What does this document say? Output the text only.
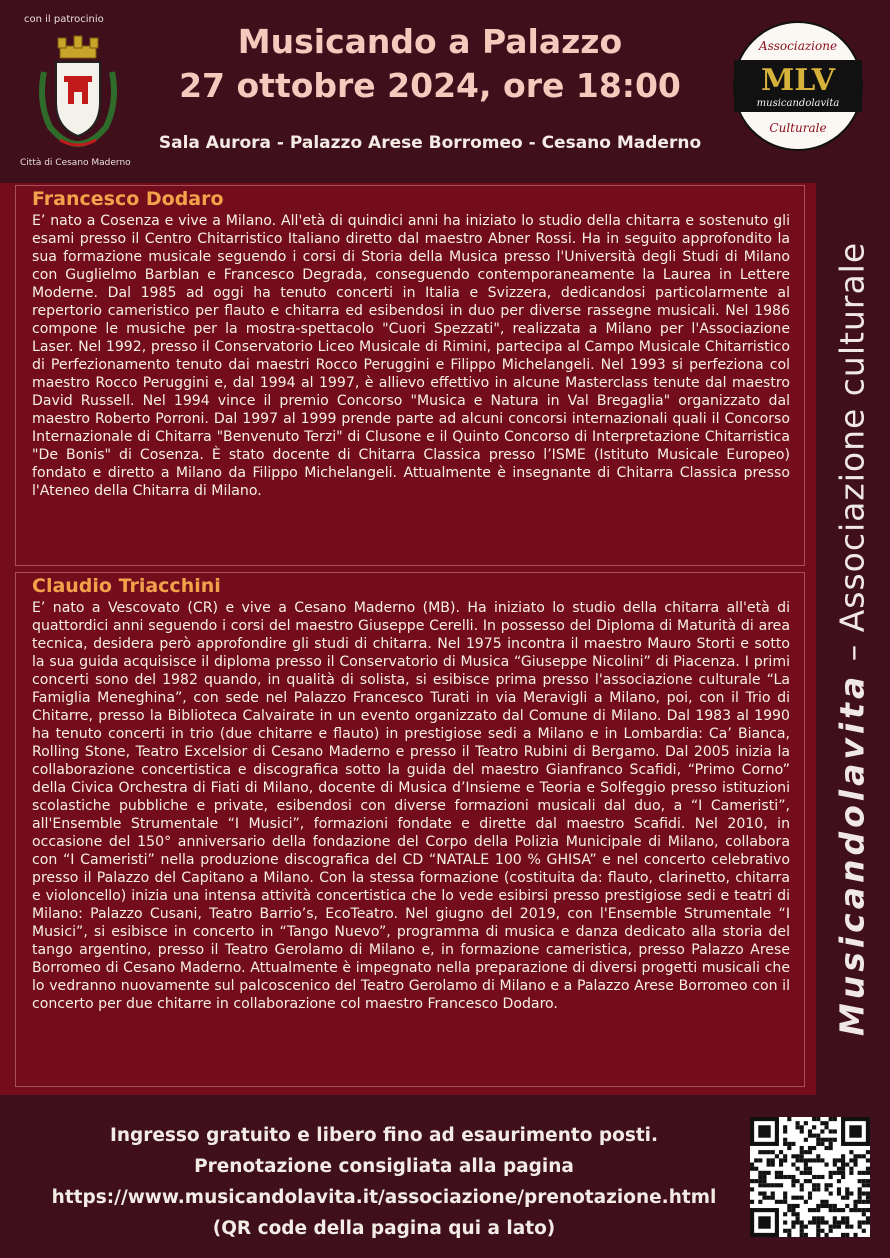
con il patrocinio
Città di Cesano Maderno
Musicando a Palazzo
27 ottobre 2024, ore 18:00
Sala Aurora - Palazzo Arese Borromeo - Cesano Maderno
Associazione
MLV
musicandolavita
Culturale
Musicandolavita – Associazione culturale
Francesco Dodaro

E’ nato a Cosenza e vive a Milano. All'età di quindici anni ha iniziato lo studio della chitarra e sostenuto gli esami presso il Centro Chitarristico Italiano diretto dal maestro Abner Rossi. Ha in seguito approfondito la sua formazione musicale seguendo i corsi di Storia della Musica presso l'Università degli Studi di Milano con Guglielmo Barblan e Francesco Degrada, conseguendo contemporaneamente la Laurea in Lettere Moderne. Dal 1985 ad oggi ha tenuto concerti in Italia e Svizzera, dedicandosi particolarmente al repertorio cameristico per flauto e chitarra ed esibendosi in duo per diverse rassegne musicali. Nel 1986 compone le musiche per la mostra-spettacolo "Cuori Spezzati", realizzata a Milano per l'Associazione Laser. Nel 1992, presso il Conservatorio Liceo Musicale di Rimini, partecipa al Campo Musicale Chitarristico di Perfezionamento tenuto dai maestri Rocco Peruggini e Filippo Michelangeli. Nel 1993 si perfeziona col maestro Rocco Peruggini e, dal 1994 al 1997, è allievo effettivo in alcune Masterclass tenute dal maestro David Russell. Nel 1994 vince il premio Concorso "Musica e Natura in Val Bregaglia" organizzato dal maestro Roberto Porroni. Dal 1997 al 1999 prende parte ad alcuni concorsi internazionali quali il Concorso Internazionale di Chitarra "Benvenuto Terzi" di Clusone e il Quinto Concorso di Interpretazione Chitarristica "De Bonis" di Cosenza. È stato docente di Chitarra Classica presso l’ISME (Istituto Musicale Europeo) fondato e diretto a Milano da Filippo Michelangeli. Attualmente è insegnante di Chitarra Classica presso l'Ateneo della Chitarra di Milano.

Claudio Triacchini

E’ nato a Vescovato (CR) e vive a Cesano Maderno (MB). Ha iniziato lo studio della chitarra all'età di quattordici anni seguendo i corsi del maestro Giuseppe Cerelli. In possesso del Diploma di Maturità di area tecnica, desidera però approfondire gli studi di chitarra. Nel 1975 incontra il maestro Mauro Storti e sotto la sua guida acquisisce il diploma presso il Conservatorio di Musica “Giuseppe Nicolini” di Piacenza. I primi concerti sono del 1982 quando, in qualità di solista, si esibisce prima presso l'associazione culturale “La Famiglia Meneghina”, con sede nel Palazzo Francesco Turati in via Meravigli a Milano, poi, con il Trio di Chitarre, presso la Biblioteca Calvairate in un evento organizzato dal Comune di Milano. Dal 1983 al 1990 ha tenuto concerti in trio (due chitarre e flauto) in prestigiose sedi a Milano e in Lombardia: Ca’ Bianca, Rolling Stone, Teatro Excelsior di Cesano Maderno e presso il Teatro Rubini di Bergamo. Dal 2005 inizia la collaborazione concertistica e discografica sotto la guida del maestro Gianfranco Scafidi, “Primo Corno” della Civica Orchestra di Fiati di Milano, docente di Musica d’Insieme e Teoria e Solfeggio presso istituzioni scolastiche pubbliche e private, esibendosi con diverse formazioni musicali dal duo, a “I Cameristi”, all'Ensemble Strumentale “I Musici”, formazioni fondate e dirette dal maestro Scafidi. Nel 2010, in occasione del 150° anniversario della fondazione del Corpo della Polizia Municipale di Milano, collabora con “I Cameristi” nella produzione discografica del CD “NATALE 100 % GHISA” e nel concerto celebrativo presso il Palazzo del Capitano a Milano. Con la stessa formazione (costituita da: flauto, clarinetto, chitarra e violoncello) inizia una intensa attività concertistica che lo vede esibirsi presso prestigiose sedi e teatri di Milano: Palazzo Cusani, Teatro Barrio’s, EcoTeatro. Nel giugno del 2019, con l'Ensemble Strumentale “I Musici”, si esibisce in concerto in “Tango Nuevo”, programma di musica e danza dedicato alla storia del tango argentino, presso il Teatro Gerolamo di Milano e, in formazione cameristica, presso Palazzo Arese Borromeo di Cesano Maderno. Attualmente è impegnato nella preparazione di diversi progetti musicali che lo vedranno nuovamente sul palcoscenico del Teatro Gerolamo di Milano e a Palazzo Arese Borromeo con il concerto per due chitarre in collaborazione col maestro Francesco Dodaro.

Ingresso gratuito e libero fino ad esaurimento posti.
Prenotazione consigliata alla pagina
https://www.musicandolavita.it/associazione/prenotazione.html
(QR code della pagina qui a lato)
